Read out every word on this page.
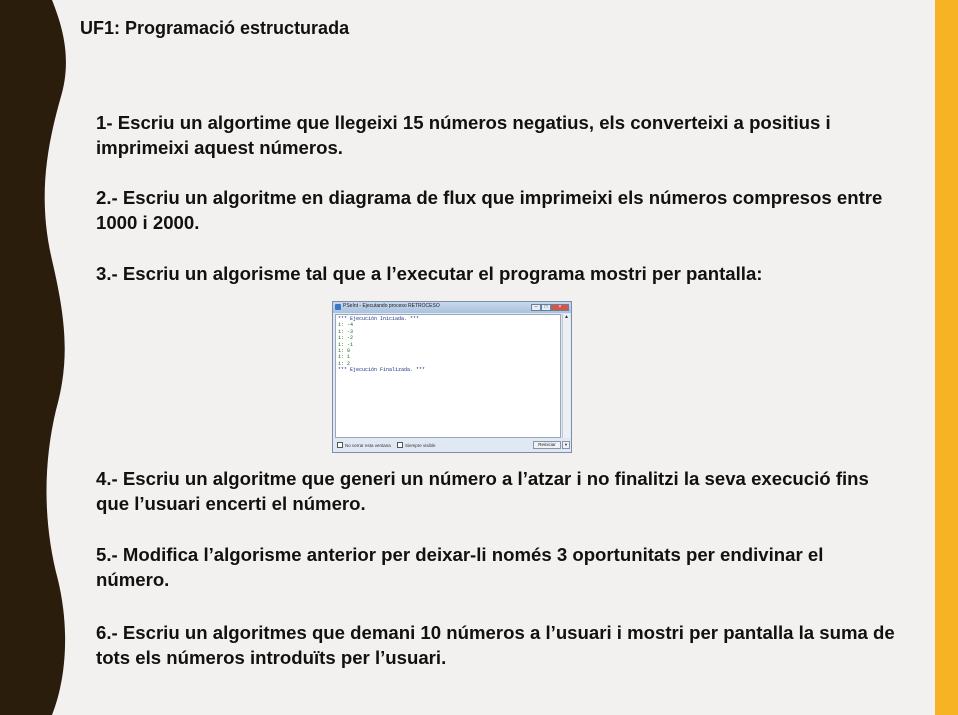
UF1: Programació estructurada
1- Escriu un algortime que llegeixi 15 números negatius, els converteixi a positius i imprimeixi aquest números.
2.- Escriu un algoritme en diagrama de flux que imprimeixi els números compresos entre 1000 i 2000.
3.- Escriu un algorisme tal que a l’executar el programa mostri per pantalla:
PSeInt - Ejecutando proceso RETROCESO	–	□	×
*** Ejecución Iniciada. ***
i: -4
i: -3
i: -2
i: -1
i: 0
i: 1
i: 2
*** Ejecución Finalizada. ***
▲
No cerrar esta ventana	Siempre visible	Reiniciar	▾
4.- Escriu un algoritme que generi un número a l’atzar i no finalitzi la seva execució fins que l’usuari encerti el número.
5.- Modifica l’algorisme anterior per deixar-li només 3 oportunitats per endivinar el número.
6.- Escriu un algoritmes que demani 10 números a l’usuari i mostri per pantalla la suma de tots els números introduïts per l’usuari.
